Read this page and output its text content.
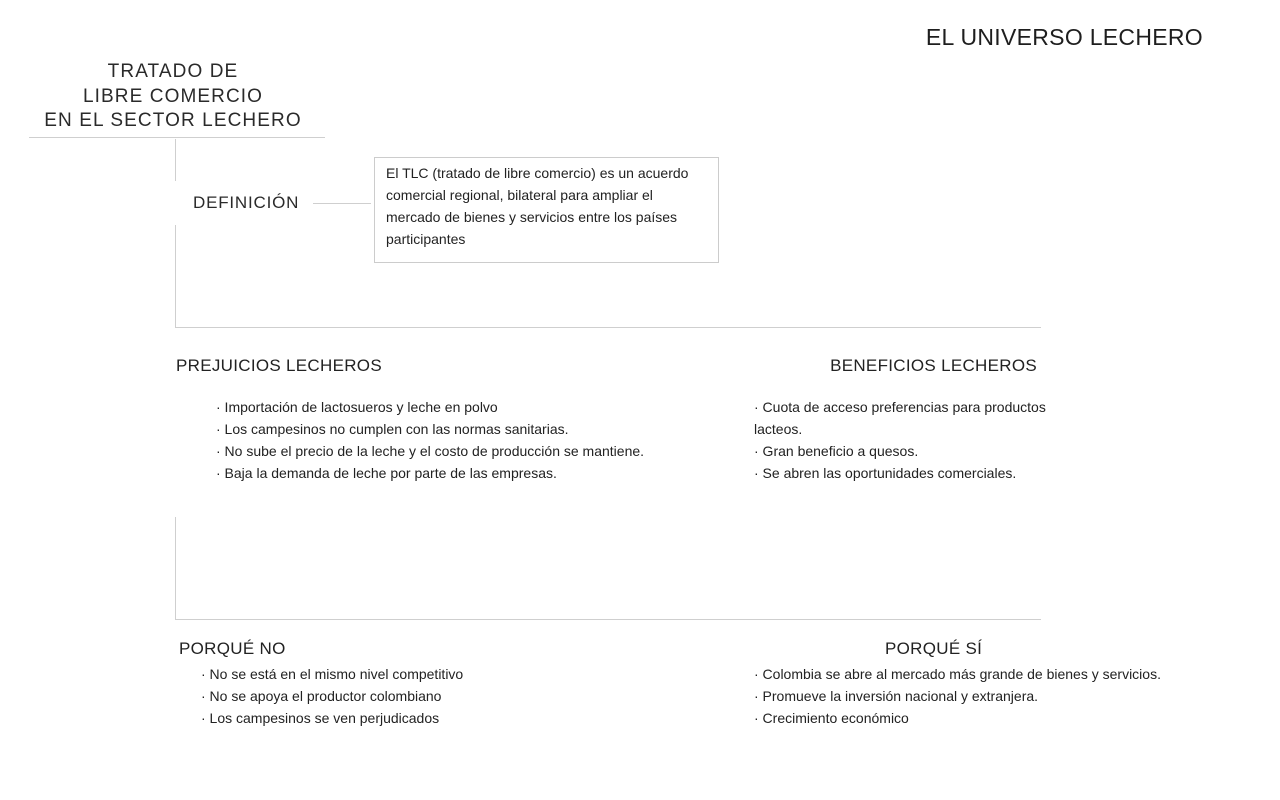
EL UNIVERSO LECHERO
TRATADO DE
LIBRE COMERCIO
EN EL SECTOR LECHERO
DEFINICIÓN
El TLC (tratado de libre comercio) es un acuerdo
comercial regional, bilateral para ampliar el
mercado de bienes y servicios entre los países
participantes
PREJUICIOS LECHEROS
· Importación de lactosueros y leche en polvo
· Los campesinos no cumplen con las normas sanitarias.
· No sube el precio de la leche y el costo de producción se mantiene.
· Baja la demanda de leche por parte de las empresas.
BENEFICIOS LECHEROS
· Cuota de acceso preferencias para productos
lacteos.
· Gran beneficio a quesos.
· Se abren las oportunidades comerciales.
PORQUÉ NO
· No se está en el mismo nivel competitivo
· No se apoya el productor colombiano
· Los campesinos se ven perjudicados
PORQUÉ SÍ
· Colombia se abre al mercado más grande de bienes y servicios.
· Promueve la inversión nacional y extranjera.
· Crecimiento económico
